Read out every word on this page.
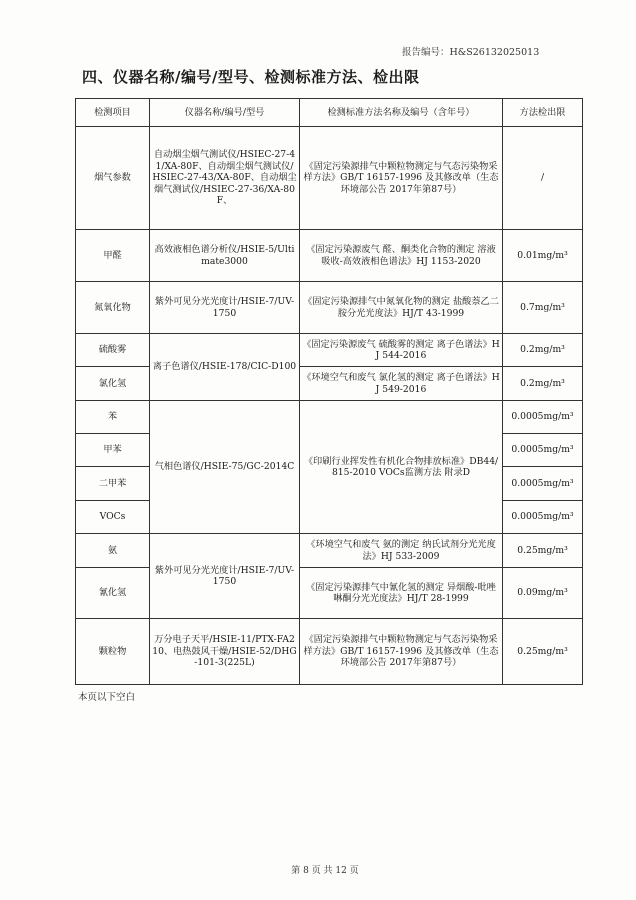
报告编号：H&S26132025013
四、仪器名称/编号/型号、检测标准方法、检出限
检测项目	仪器名称/编号/型号	检测标准方法名称及编号（含年号）	方法检出限
烟气参数	自动烟尘烟气测试仪/HSIEC-27-41/XA-80F、自动烟尘烟气测试仪/HSIEC-27-43/XA-80F、自动烟尘烟气测试仪/HSIEC-27-36/XA-80F、	《固定污染源排气中颗粒物测定与气态污染物采样方法》GB/T 16157-1996 及其修改单（生态环境部公告 2017年第87号）	/
甲醛	高效液相色谱分析仪/HSIE-5/Ultimate3000	《固定污染源废气 醛、酮类化合物的测定 溶液吸收-高效液相色谱法》HJ 1153-2020	0.01mg/m³
氮氧化物	紫外可见分光光度计/HSIE-7/UV-1750	《固定污染源排气中氮氧化物的测定 盐酸萘乙二胺分光光度法》HJ/T 43-1999	0.7mg/m³
硫酸雾	离子色谱仪/HSIE-178/CIC-D100	《固定污染源废气 硫酸雾的测定 离子色谱法》HJ 544-2016	0.2mg/m³
氯化氢		《环境空气和废气 氯化氢的测定 离子色谱法》HJ 549-2016	0.2mg/m³
苯	气相色谱仪/HSIE-75/GC-2014C	《印刷行业挥发性有机化合物排放标准》DB44/815-2010 VOCs监测方法 附录D	0.0005mg/m³
甲苯			0.0005mg/m³
二甲苯			0.0005mg/m³
VOCs			0.0005mg/m³
氨	紫外可见分光光度计/HSIE-7/UV-1750	《环境空气和废气 氨的测定 纳氏试剂分光光度法》HJ 533-2009	0.25mg/m³
氰化氢		《固定污染源排气中氰化氢的测定 异烟酸-吡唑啉酮分光光度法》HJ/T 28-1999	0.09mg/m³
颗粒物	万分电子天平/HSIE-11/PTX-FA210、电热鼓风干燥/HSIE-52/DHG-101-3(225L)	《固定污染源排气中颗粒物测定与气态污染物采样方法》GB/T 16157-1996 及其修改单（生态环境部公告 2017年第87号）	0.25mg/m³
本页以下空白
第 8 页 共 12 页
